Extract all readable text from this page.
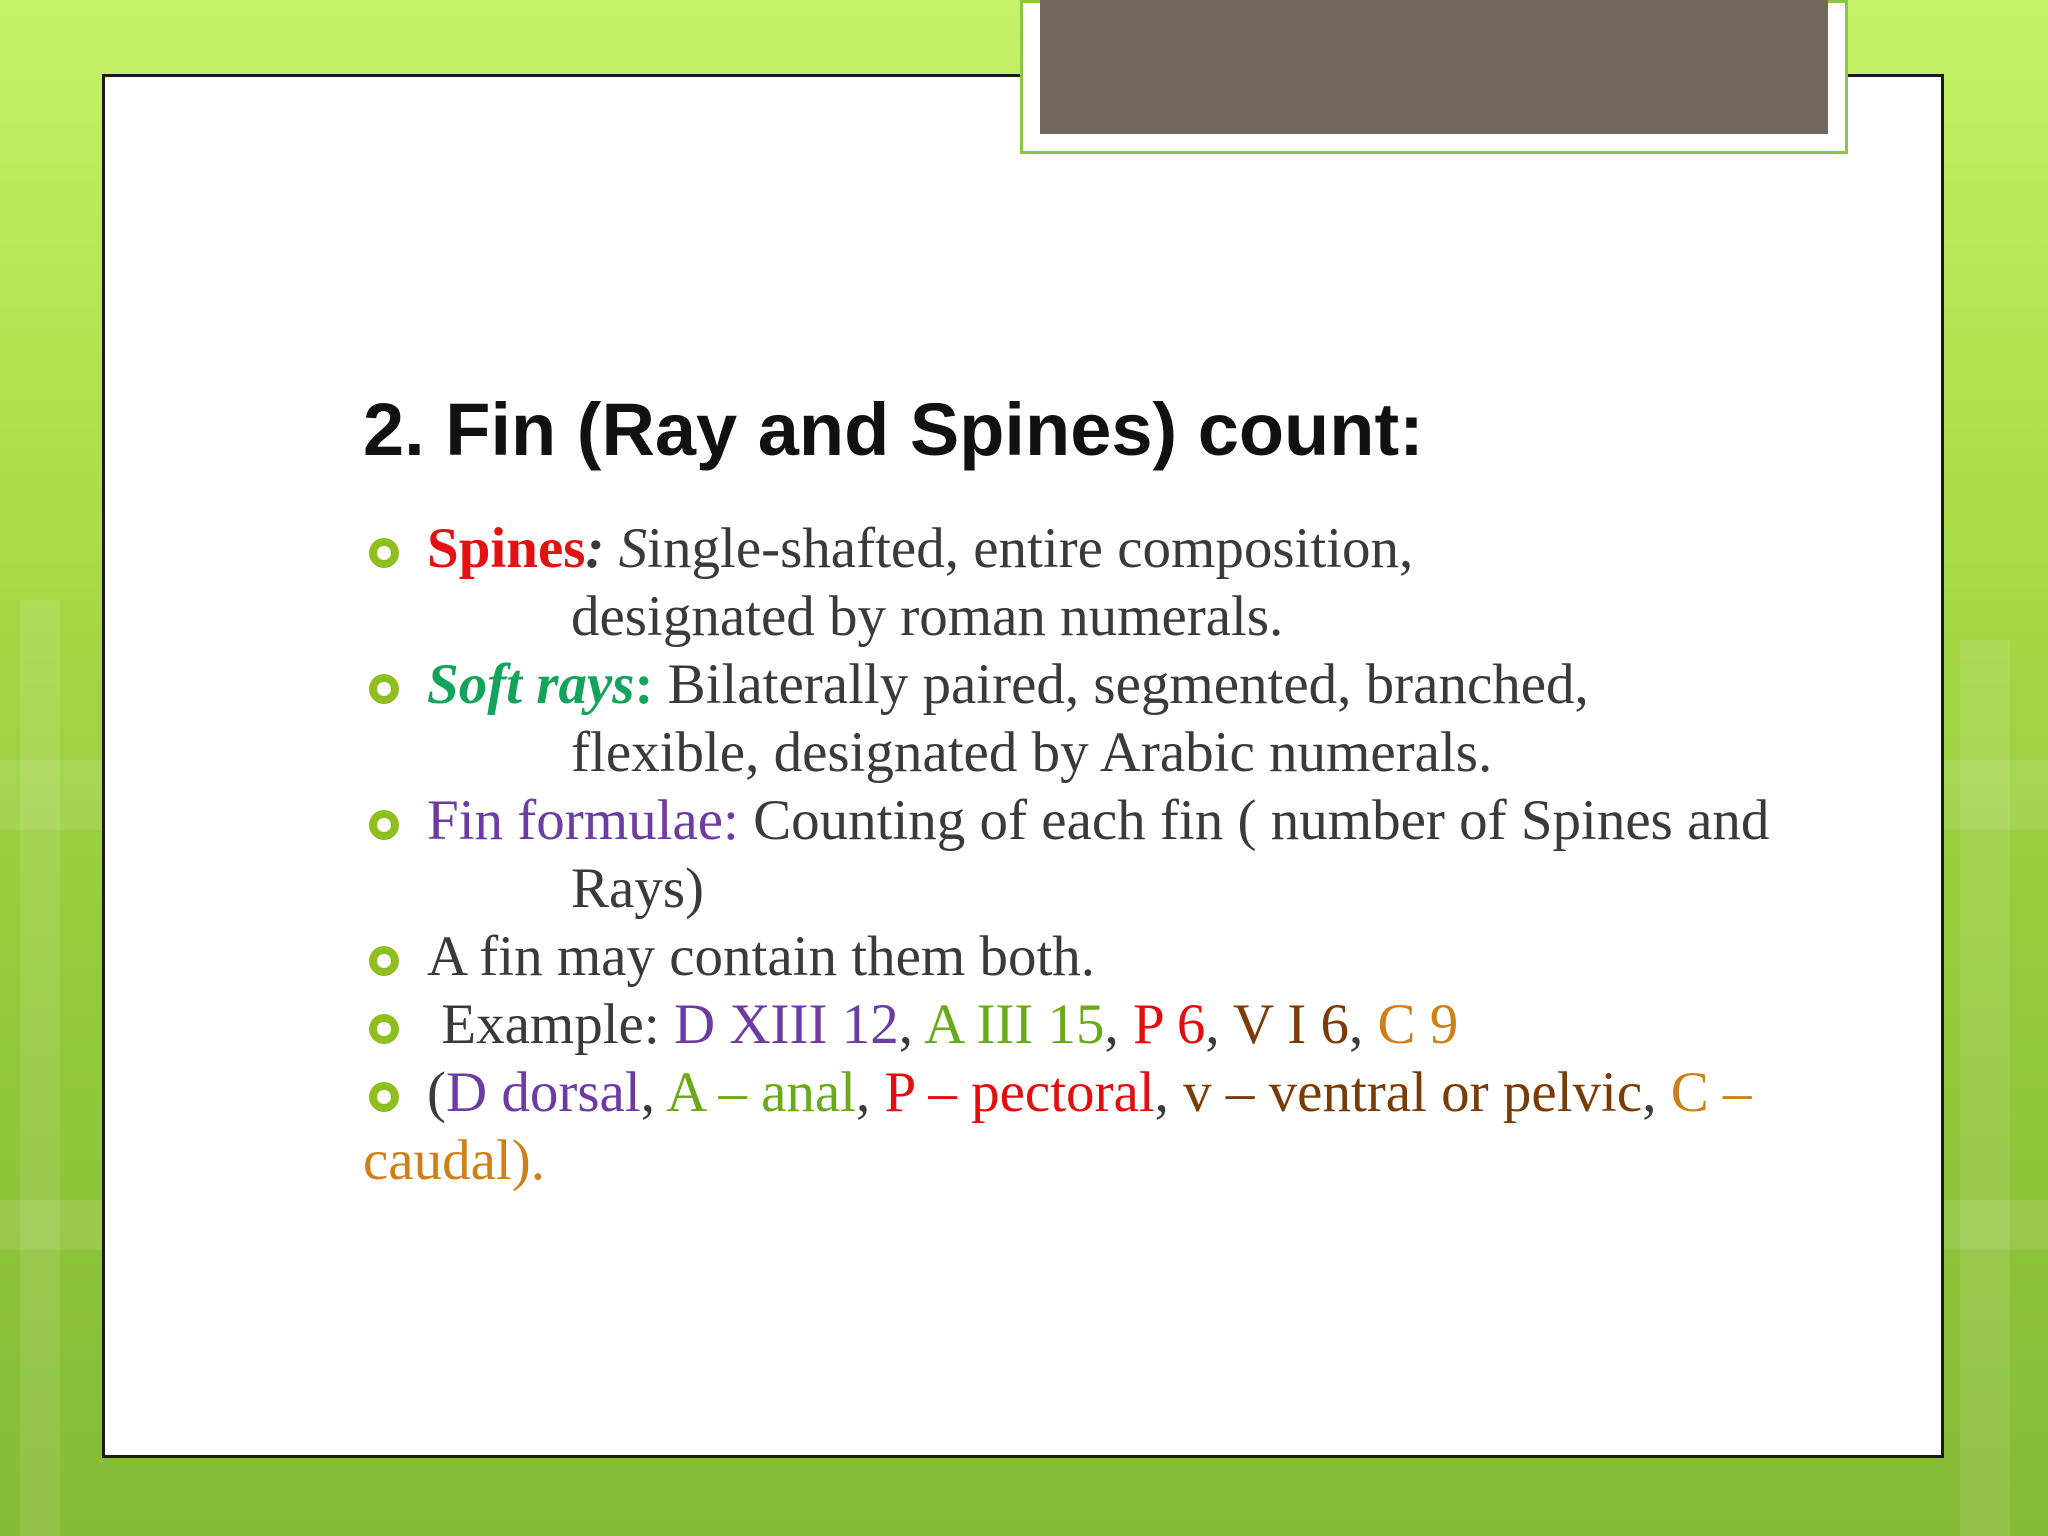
2. Fin (Ray and Spines) count:
Spines: Single-shafted, entire composition,
designated by roman numerals.
Soft rays: Bilaterally paired, segmented, branched,
flexible, designated by Arabic numerals.
Fin formulae: Counting of each fin ( number of Spines and
Rays)
A fin may contain them both.
Example: D XIII 12, A III 15, P 6, V I 6, C 9
(D dorsal, A – anal, P – pectoral, v – ventral or pelvic, C – caudal).
